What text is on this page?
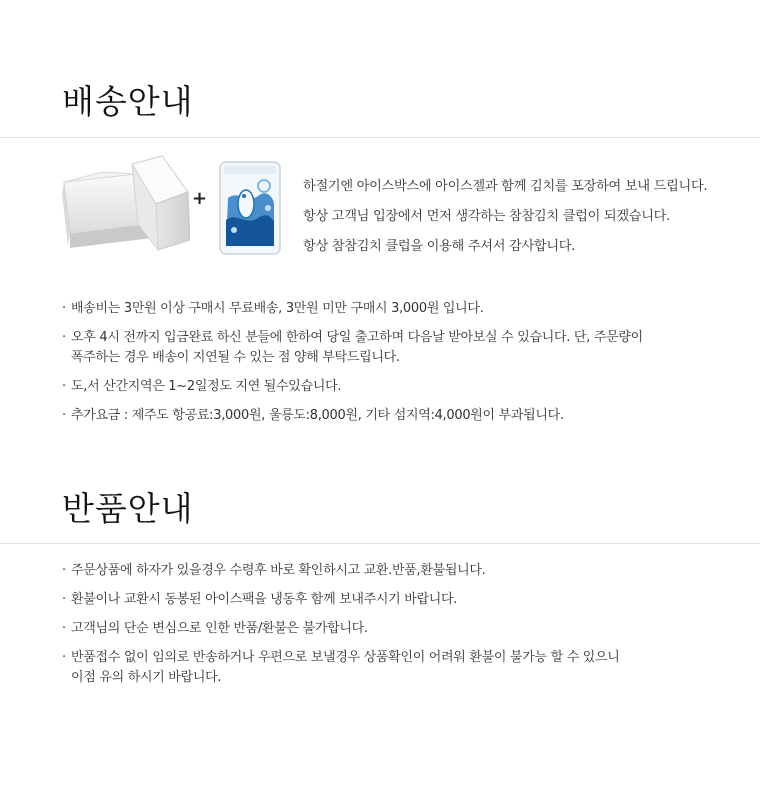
배송안내
+
하절기엔 아이스박스에 아이스젤과 함께 김치를 포장하여 보내 드립니다.
항상 고객님 입장에서 먼저 생각하는 참참김치 클럽이 되겠습니다.
항상 참참김치 클럽을 이용해 주셔서 감사합니다.
· 배송비는 3만원 이상 구매시 무료배송, 3만원 미만 구매시 3,000원 입니다.
· 오후 4시 전까지 입금완료 하신 분들에 한하여 당일 출고하며 다음날 받아보실 수 있습니다. 단, 주문량이
폭주하는 경우 배송이 지연될 수 있는 점 양해 부탁드립니다.
· 도,서 산간지역은 1~2일정도 지연 될수있습니다.
· 추가요금 : 제주도 항공료:3,000원, 울릉도:8,000원, 기타 섬지역:4,000원이 부과됩니다.
반품안내
· 주문상품에 하자가 있을경우 수령후 바로 확인하시고 교환.반품,환불됩니다.
· 환불이나 교환시 동봉된 아이스팩을 냉동후 함께 보내주시기 바랍니다.
· 고객님의 단순 변심으로 인한 반품/환불은 불가합니다.
· 반품접수 없이 임의로 반송하거나 우편으로 보낼경우 상품확인이 어려워 환불이 불가능 할 수 있으니
이점 유의 하시기 바랍니다.
